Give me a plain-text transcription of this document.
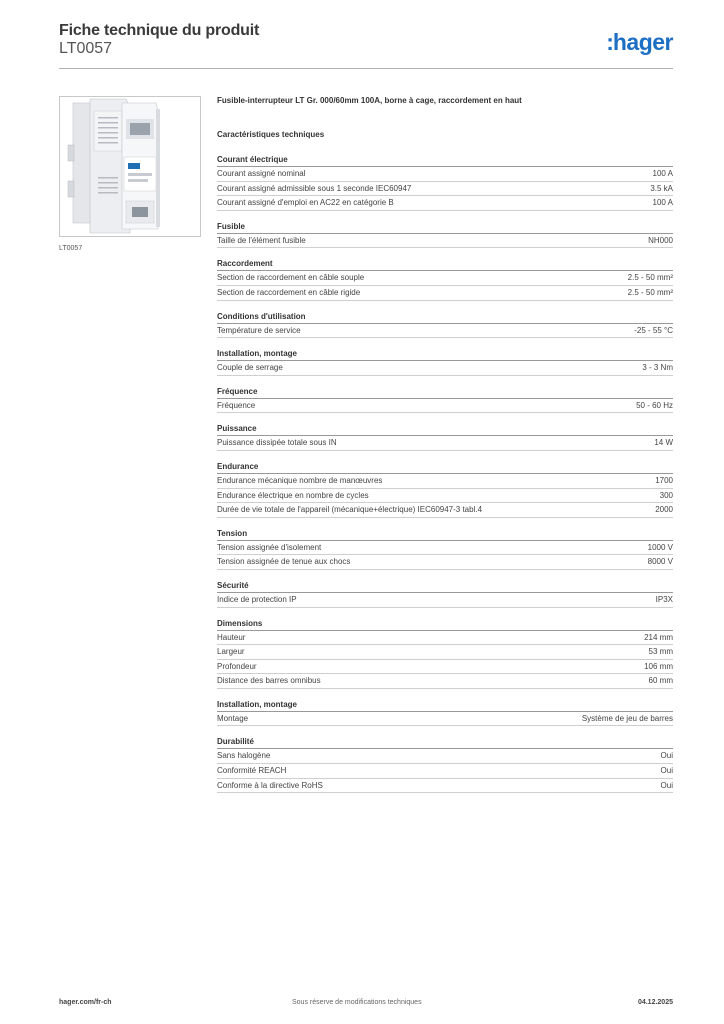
Fiche technique du produit
LT0057	:hager
LT0057
Fusible-interrupteur LT Gr. 000/60mm 100A, borne à cage, raccordement en haut
Caractéristiques techniques
Courant électrique
Courant assigné nominal	100 A
Courant assigné admissible sous 1 seconde IEC60947	3.5 kA
Courant assigné d'emploi en AC22 en catégorie B	100 A
Fusible
Taille de l'élément fusible	NH000
Raccordement
Section de raccordement en câble souple	2.5 - 50 mm²
Section de raccordement en câble rigide	2.5 - 50 mm²
Conditions d'utilisation
Température de service	-25 - 55 °C
Installation, montage
Couple de serrage	3 - 3 Nm
Fréquence
Fréquence	50 - 60 Hz
Puissance
Puissance dissipée totale sous IN	14 W
Endurance
Endurance mécanique nombre de manœuvres	1700
Endurance électrique en nombre de cycles	300
Durée de vie totale de l'appareil (mécanique+électrique) IEC60947-3 tabl.4	2000
Tension
Tension assignée d'isolement	1000 V
Tension assignée de tenue aux chocs	8000 V
Sécurité
Indice de protection IP	IP3X
Dimensions
Hauteur	214 mm
Largeur	53 mm
Profondeur	106 mm
Distance des barres omnibus	60 mm
Installation, montage
Montage	Système de jeu de barres
Durabilité
Sans halogène	Oui
Conformité REACH	Oui
Conforme à la directive RoHS	Oui
hager.com/fr-ch	Sous réserve de modifications techniques	04.12.2025
